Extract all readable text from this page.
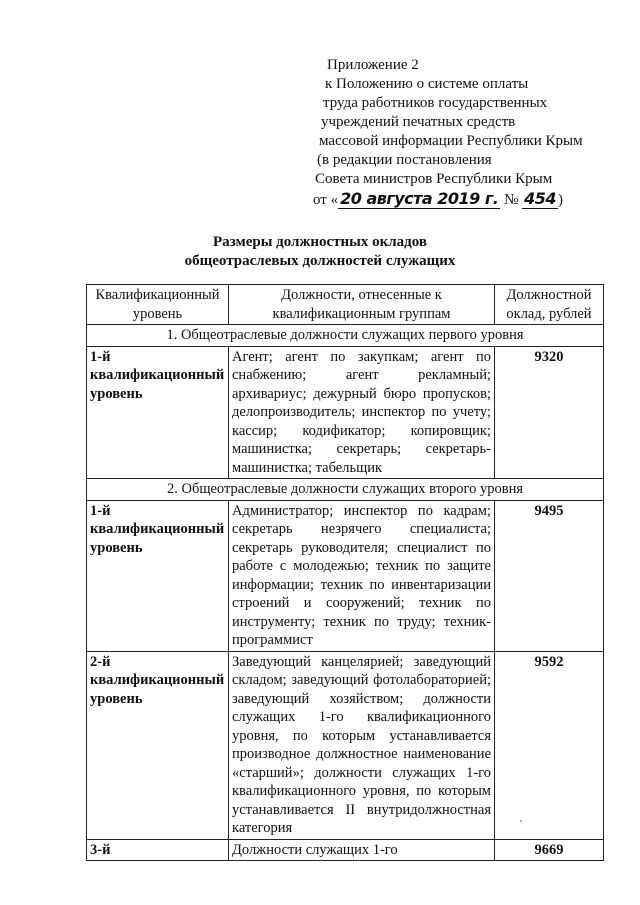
Приложение 2
к Положению о системе оплаты
труда работников государственных
учреждений печатных средств
массовой информации Республики Крым
(в редакции постановления
Совета министров Республики Крым
от « 20 августа 2019 г. № 454 )
Размеры должностных окладов
общеотраслевых должностей служащих
Квалификационный уровень	Должности, отнесенные к квалификационным группам	Должностной оклад, рублей
1. Общеотраслевые должности служащих первого уровня		
1-й квалификационный уровень	Агент; агент по закупкам; агент по снабжению; агент рекламный; архивариус; дежурный бюро пропусков; делопроизводитель; инспектор по учету; кассир; кодификатор; копировщик; машинистка; секретарь; секретарь-машинистка; табельщик	9320
2. Общеотраслевые должности служащих второго уровня		
1-й квалификационный уровень	Администратор; инспектор по кадрам; секретарь незрячего специалиста; секретарь руководителя; специалист по работе с молодежью; техник по защите информации; техник по инвентаризации строений и сооружений; техник по инструменту; техник по труду; техник-программист	9495
2-й квалификационный уровень	Заведующий канцелярией; заведующий складом; заведующий фотолабораторией; заведующий хозяйством; должности служащих 1-го квалификационного уровня, по которым устанавливается производное должностное наименование «старший»; должности служащих 1-го квалификационного уровня, по которым устанавливается II внутридолжностная категория	9592
3-й	Должности служащих 1-го	9669
